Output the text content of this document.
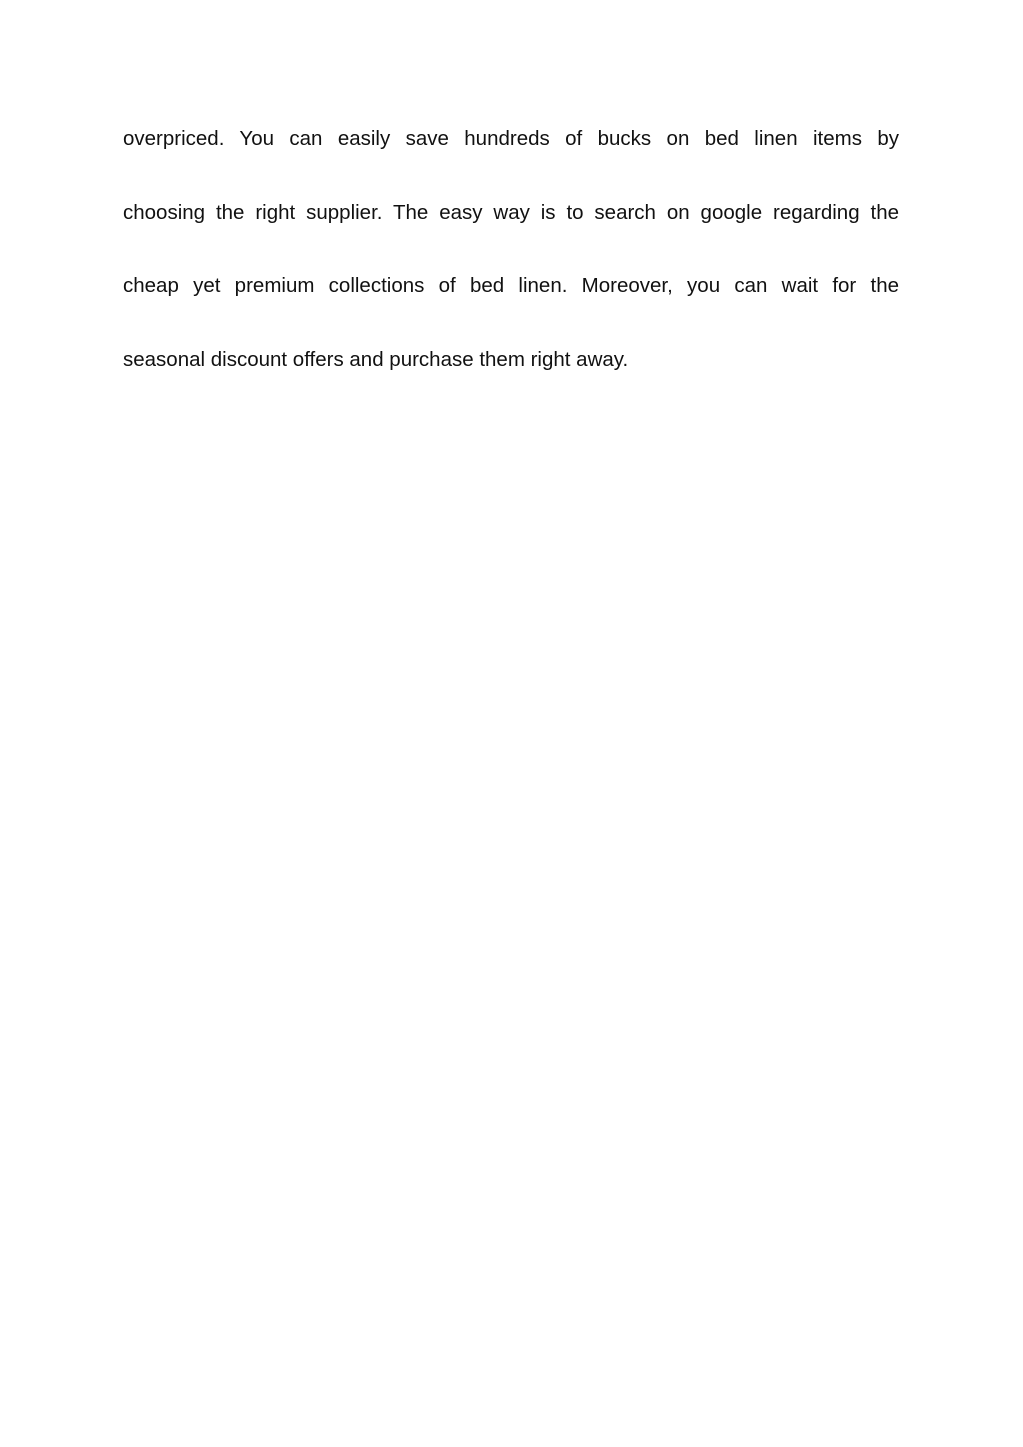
overpriced. You can easily save hundreds of bucks on bed linen items by
choosing the right supplier. The easy way is to search on google regarding the
cheap yet premium collections of bed linen. Moreover, you can wait for the
seasonal discount offers and purchase them right away.
